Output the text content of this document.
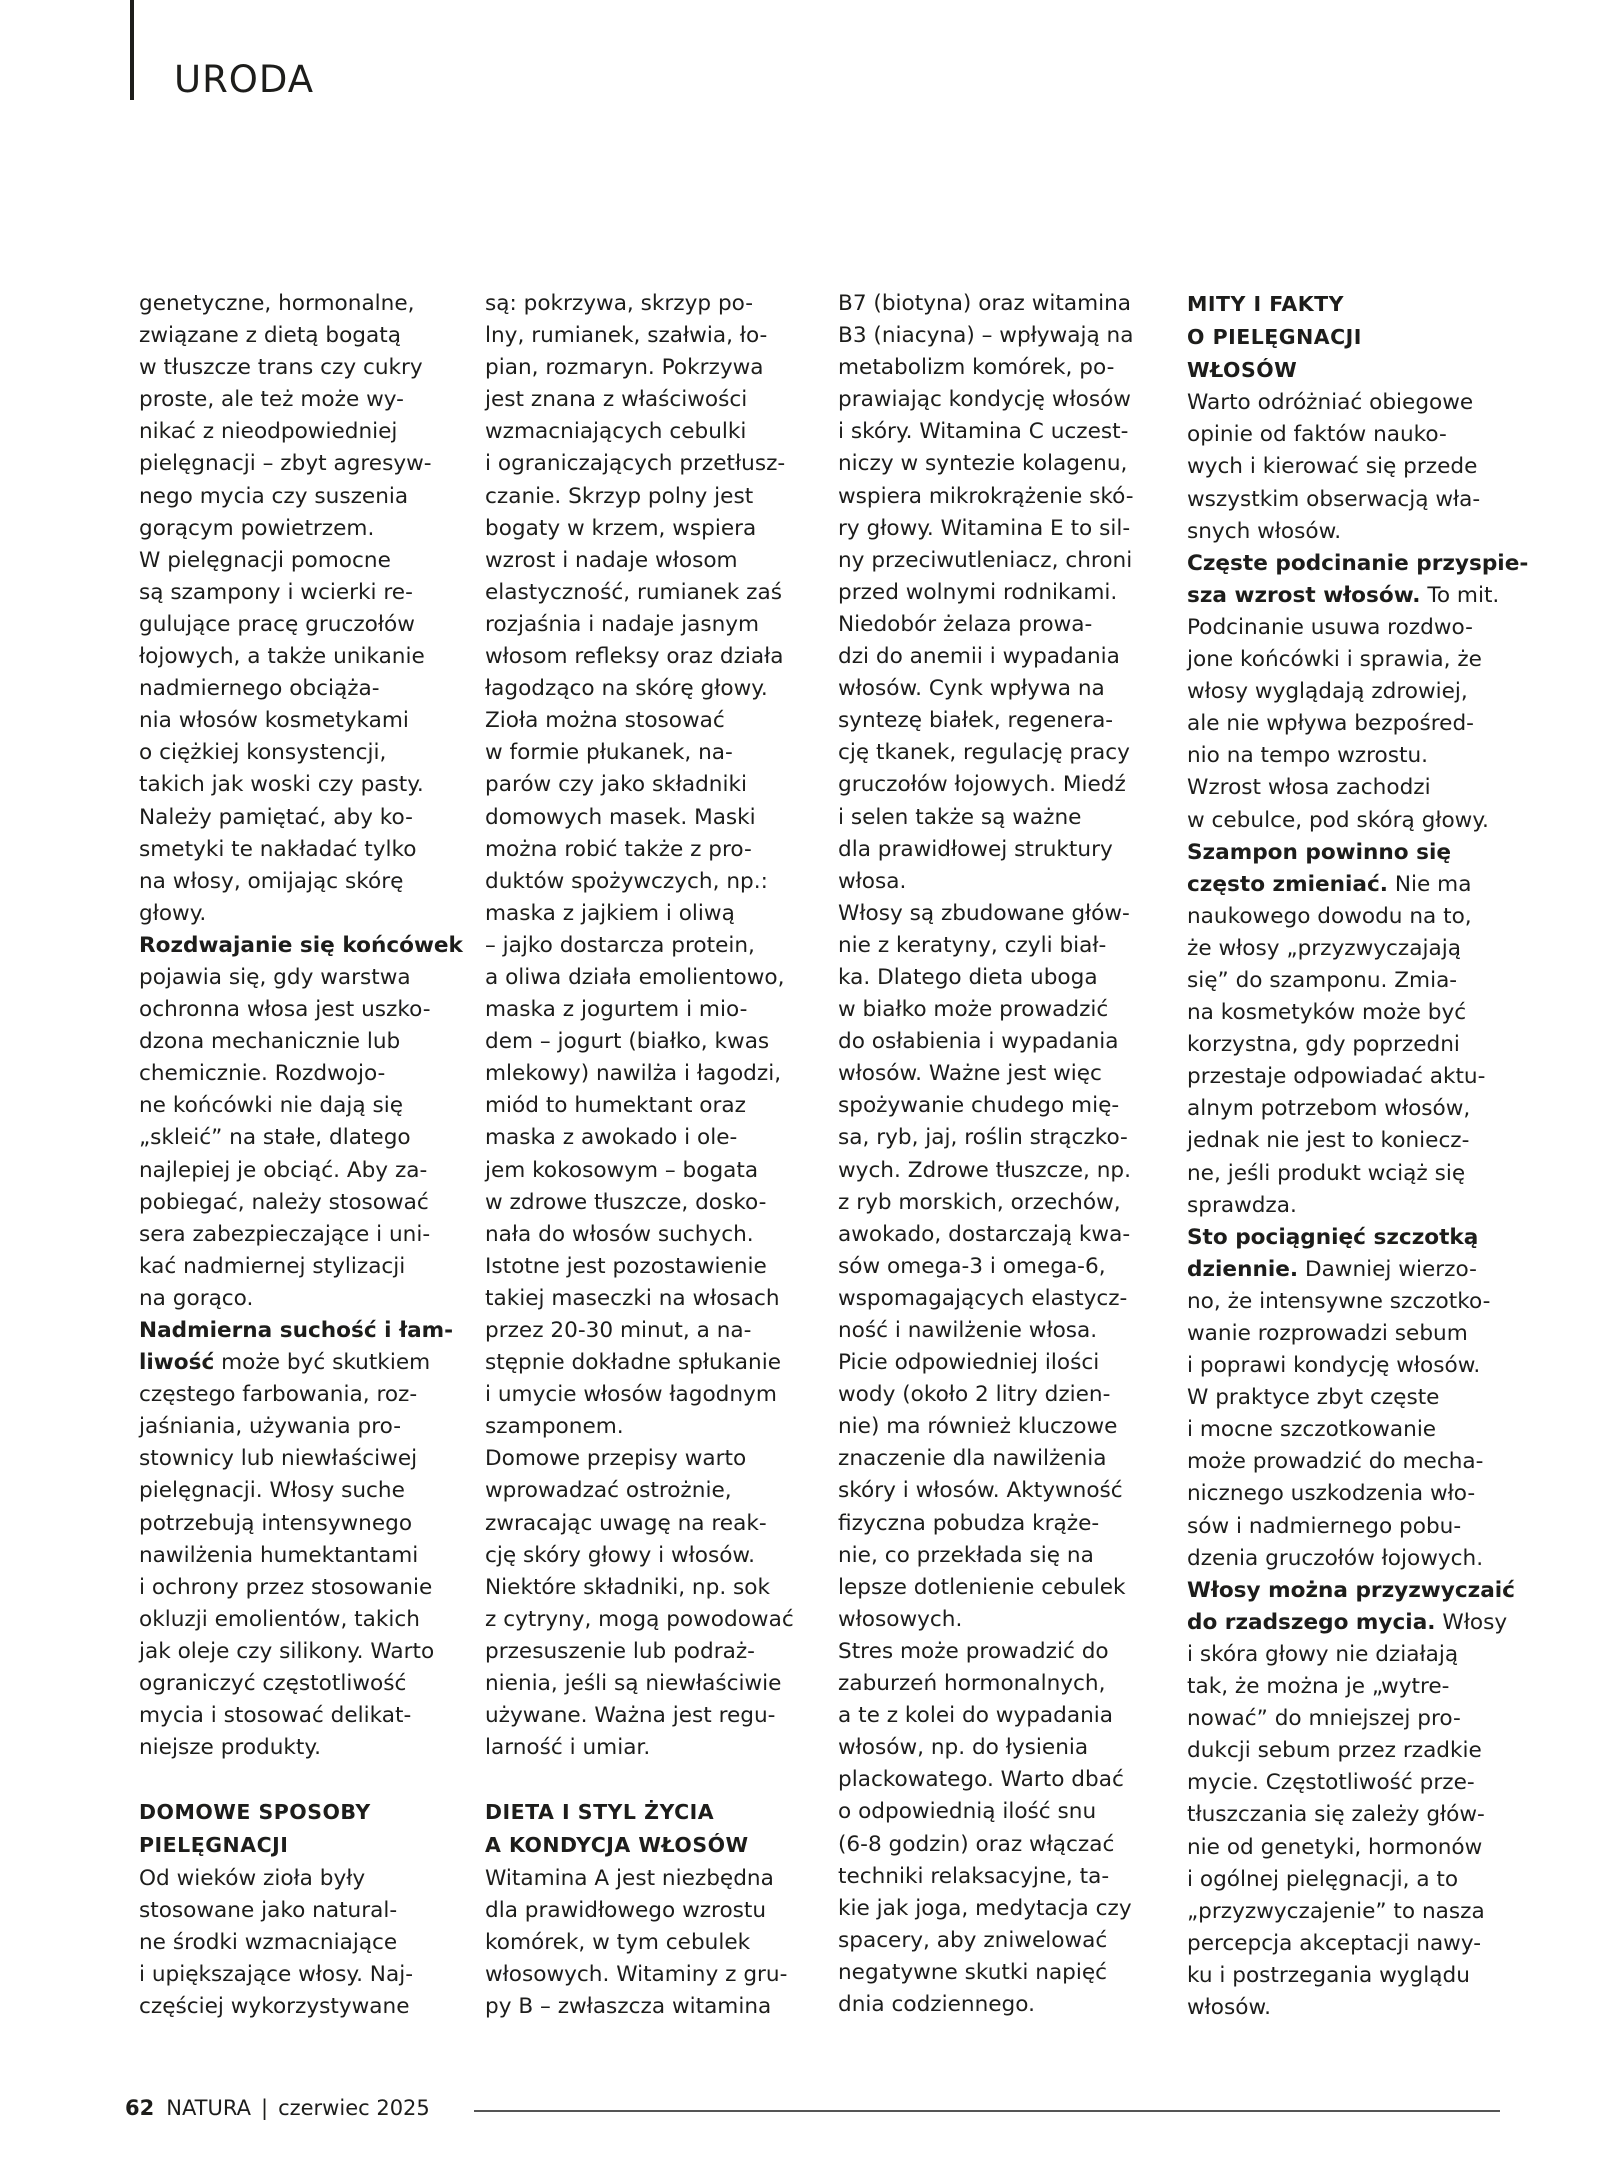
URODA
genetyczne, hormonalne,
związane z dietą bogatą
w tłuszcze trans czy cukry
proste, ale też może wy-
nikać z nieodpowiedniej
pielęgnacji – zbyt agresyw-
nego mycia czy suszenia
gorącym powietrzem.
W pielęgnacji pomocne
są szampony i wcierki re-
gulujące pracę gruczołów
łojowych, a także unikanie
nadmiernego obciąża-
nia włosów kosmetykami
o ciężkiej konsystencji,
takich jak woski czy pasty.
Należy pamiętać, aby ko-
smetyki te nakładać tylko
na włosy, omijając skórę
głowy.
Rozdwajanie się końcówek
pojawia się, gdy warstwa
ochronna włosa jest uszko-
dzona mechanicznie lub
chemicznie. Rozdwojo-
ne końcówki nie dają się
„skleić” na stałe, dlatego
najlepiej je obciąć. Aby za-
pobiegać, należy stosować
sera zabezpieczające i uni-
kać nadmiernej stylizacji
na gorąco.
Nadmierna suchość i łam-
liwość może być skutkiem
częstego farbowania, roz-
jaśniania, używania pro-
stownicy lub niewłaściwej
pielęgnacji. Włosy suche
potrzebują intensywnego
nawilżenia humektantami
i ochrony przez stosowanie
okluzji emolientów, takich
jak oleje czy silikony. Warto
ograniczyć częstotliwość
mycia i stosować delikat-
niejsze produkty.
DOMOWE SPOSOBY
PIELĘGNACJI
Od wieków zioła były
stosowane jako natural-
ne środki wzmacniające
i upiększające włosy. Naj-
częściej wykorzystywane
są: pokrzywa, skrzyp po-
lny, rumianek, szałwia, ło-
pian, rozmaryn. Pokrzywa
jest znana z właściwości
wzmacniających cebulki
i ograniczających przetłusz-
czanie. Skrzyp polny jest
bogaty w krzem, wspiera
wzrost i nadaje włosom
elastyczność, rumianek zaś
rozjaśnia i nadaje jasnym
włosom refleksy oraz działa
łagodząco na skórę głowy.
Zioła można stosować
w formie płukanek, na-
parów czy jako składniki
domowych masek. Maski
można robić także z pro-
duktów spożywczych, np.:
maska z jajkiem i oliwą
– jajko dostarcza protein,
a oliwa działa emolientowo,
maska z jogurtem i mio-
dem – jogurt (białko, kwas
mlekowy) nawilża i łagodzi,
miód to humektant oraz
maska z awokado i ole-
jem kokosowym – bogata
w zdrowe tłuszcze, dosko-
nała do włosów suchych.
Istotne jest pozostawienie
takiej maseczki na włosach
przez 20-30 minut, a na-
stępnie dokładne spłukanie
i umycie włosów łagodnym
szamponem.
Domowe przepisy warto
wprowadzać ostrożnie,
zwracając uwagę na reak-
cję skóry głowy i włosów.
Niektóre składniki, np. sok
z cytryny, mogą powodować
przesuszenie lub podraż-
nienia, jeśli są niewłaściwie
używane. Ważna jest regu-
larność i umiar.
DIETA I STYL ŻYCIA
A KONDYCJA WŁOSÓW
Witamina A jest niezbędna
dla prawidłowego wzrostu
komórek, w tym cebulek
włosowych. Witaminy z gru-
py B – zwłaszcza witamina
B7 (biotyna) oraz witamina
B3 (niacyna) – wpływają na
metabolizm komórek, po-
prawiając kondycję włosów
i skóry. Witamina C uczest-
niczy w syntezie kolagenu,
wspiera mikrokrążenie skó-
ry głowy. Witamina E to sil-
ny przeciwutleniacz, chroni
przed wolnymi rodnikami.
Niedobór żelaza prowa-
dzi do anemii i wypadania
włosów. Cynk wpływa na
syntezę białek, regenera-
cję tkanek, regulację pracy
gruczołów łojowych. Miedź
i selen także są ważne
dla prawidłowej struktury
włosa.
Włosy są zbudowane głów-
nie z keratyny, czyli biał-
ka. Dlatego dieta uboga
w białko może prowadzić
do osłabienia i wypadania
włosów. Ważne jest więc
spożywanie chudego mię-
sa, ryb, jaj, roślin strączko-
wych. Zdrowe tłuszcze, np.
z ryb morskich, orzechów,
awokado, dostarczają kwa-
sów omega-3 i omega-6,
wspomagających elastycz-
ność i nawilżenie włosa.
Picie odpowiedniej ilości
wody (około 2 litry dzien-
nie) ma również kluczowe
znaczenie dla nawilżenia
skóry i włosów. Aktywność
fizyczna pobudza krąże-
nie, co przekłada się na
lepsze dotlenienie cebulek
włosowych.
Stres może prowadzić do
zaburzeń hormonalnych,
a te z kolei do wypadania
włosów, np. do łysienia
plackowatego. Warto dbać
o odpowiednią ilość snu
(6-8 godzin) oraz włączać
techniki relaksacyjne, ta-
kie jak joga, medytacja czy
spacery, aby zniwelować
negatywne skutki napięć
dnia codziennego.
MITY I FAKTY
O PIELĘGNACJI
WŁOSÓW
Warto odróżniać obiegowe
opinie od faktów nauko-
wych i kierować się przede
wszystkim obserwacją wła-
snych włosów.
Częste podcinanie przyspie-
sza wzrost włosów. To mit.
Podcinanie usuwa rozdwo-
jone końcówki i sprawia, że
włosy wyglądają zdrowiej,
ale nie wpływa bezpośred-
nio na tempo wzrostu.
Wzrost włosa zachodzi
w cebulce, pod skórą głowy.
Szampon powinno się
często zmieniać. Nie ma
naukowego dowodu na to,
że włosy „przyzwyczajają
się” do szamponu. Zmia-
na kosmetyków może być
korzystna, gdy poprzedni
przestaje odpowiadać aktu-
alnym potrzebom włosów,
jednak nie jest to koniecz-
ne, jeśli produkt wciąż się
sprawdza.
Sto pociągnięć szczotką
dziennie. Dawniej wierzo-
no, że intensywne szczotko-
wanie rozprowadzi sebum
i poprawi kondycję włosów.
W praktyce zbyt częste
i mocne szczotkowanie
może prowadzić do mecha-
nicznego uszkodzenia wło-
sów i nadmiernego pobu-
dzenia gruczołów łojowych.
Włosy można przyzwyczaić
do rzadszego mycia. Włosy
i skóra głowy nie działają
tak, że można je „wytre-
nować” do mniejszej pro-
dukcji sebum przez rzadkie
mycie. Częstotliwość prze-
tłuszczania się zależy głów-
nie od genetyki, hormonów
i ogólnej pielęgnacji, a to
„przyzwyczajenie” to nasza
percepcja akceptacji nawy-
ku i postrzegania wyglądu
włosów.
62 NATURA | czerwiec 2025
